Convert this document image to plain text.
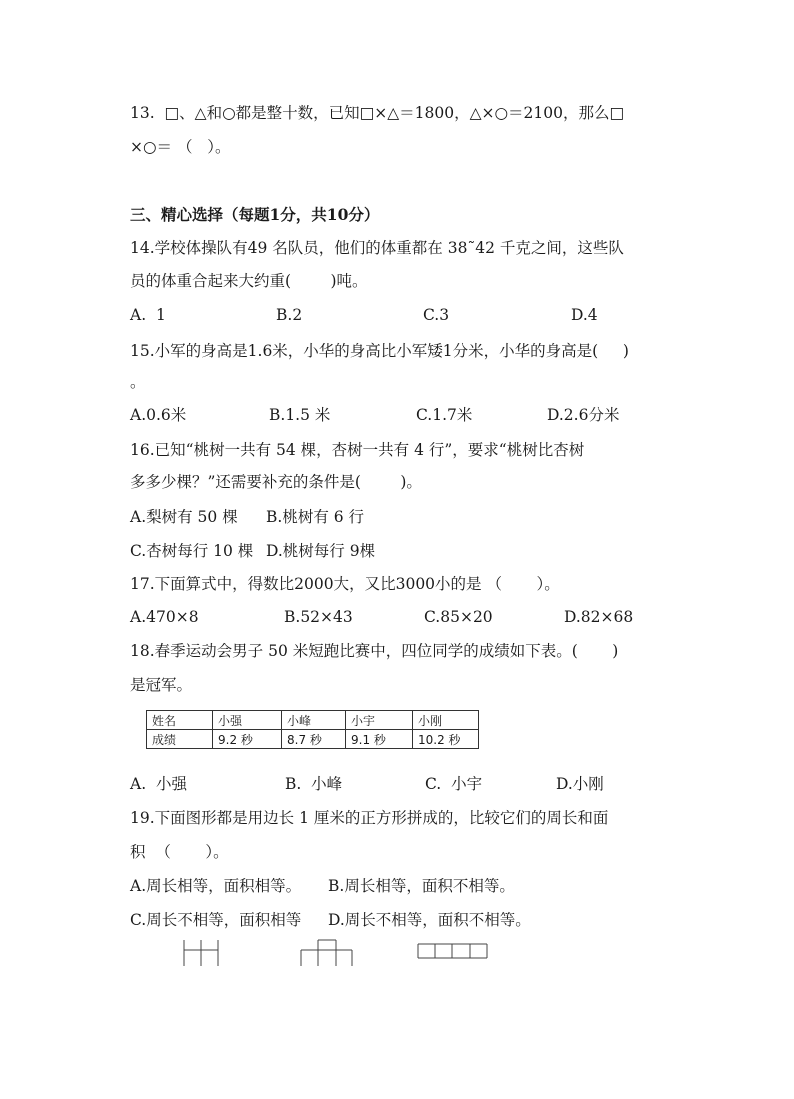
13.  □、△和○都是整十数，已知□×△＝1800，△×○＝2100，那么□
×○＝ （   ）。
三、精心选择（每题1分，共10分）
14.学校体操队有49 名队员，他们的体重都在 38˜42 千克之间，这些队
员的体重合起来大约重(        )吨。
A.  1	B.2	C.3	D.4
15.小军的身高是1.6米，小华的身高比小军矮1分米，小华的身高是(     )
。
A.0.6米	B.1.5 米	C.1.7米	D.2.6分米
16.已知“桃树一共有 54 棵，杏树一共有 4 行”，要求“桃树比杏树
多多少棵？”还需要补充的条件是(        )。
A.梨树有 50 棵 B.桃树有 6 行
C.杏树每行 10 棵 D.桃树每行 9棵
17.下面算式中，得数比2000大，又比3000小的是 （       ）。
A.470×8	B.52×43	C.85×20	D.82×68
18.春季运动会男子 50 米短跑比赛中，四位同学的成绩如下表。(       )
是冠军。
姓名	小强	小峰	小宇	小刚
成绩	9.2 秒	8.7 秒	9.1 秒	10.2 秒
A.  小强	B.  小峰	C.  小宇	D.小刚
19.下面图形都是用边长 1 厘米的正方形拼成的，比较它们的周长和面
积  （       ）。
A.周长相等，面积相等。 B.周长相等，面积不相等。
C.周长不相等，面积相等 D.周长不相等，面积不相等。
